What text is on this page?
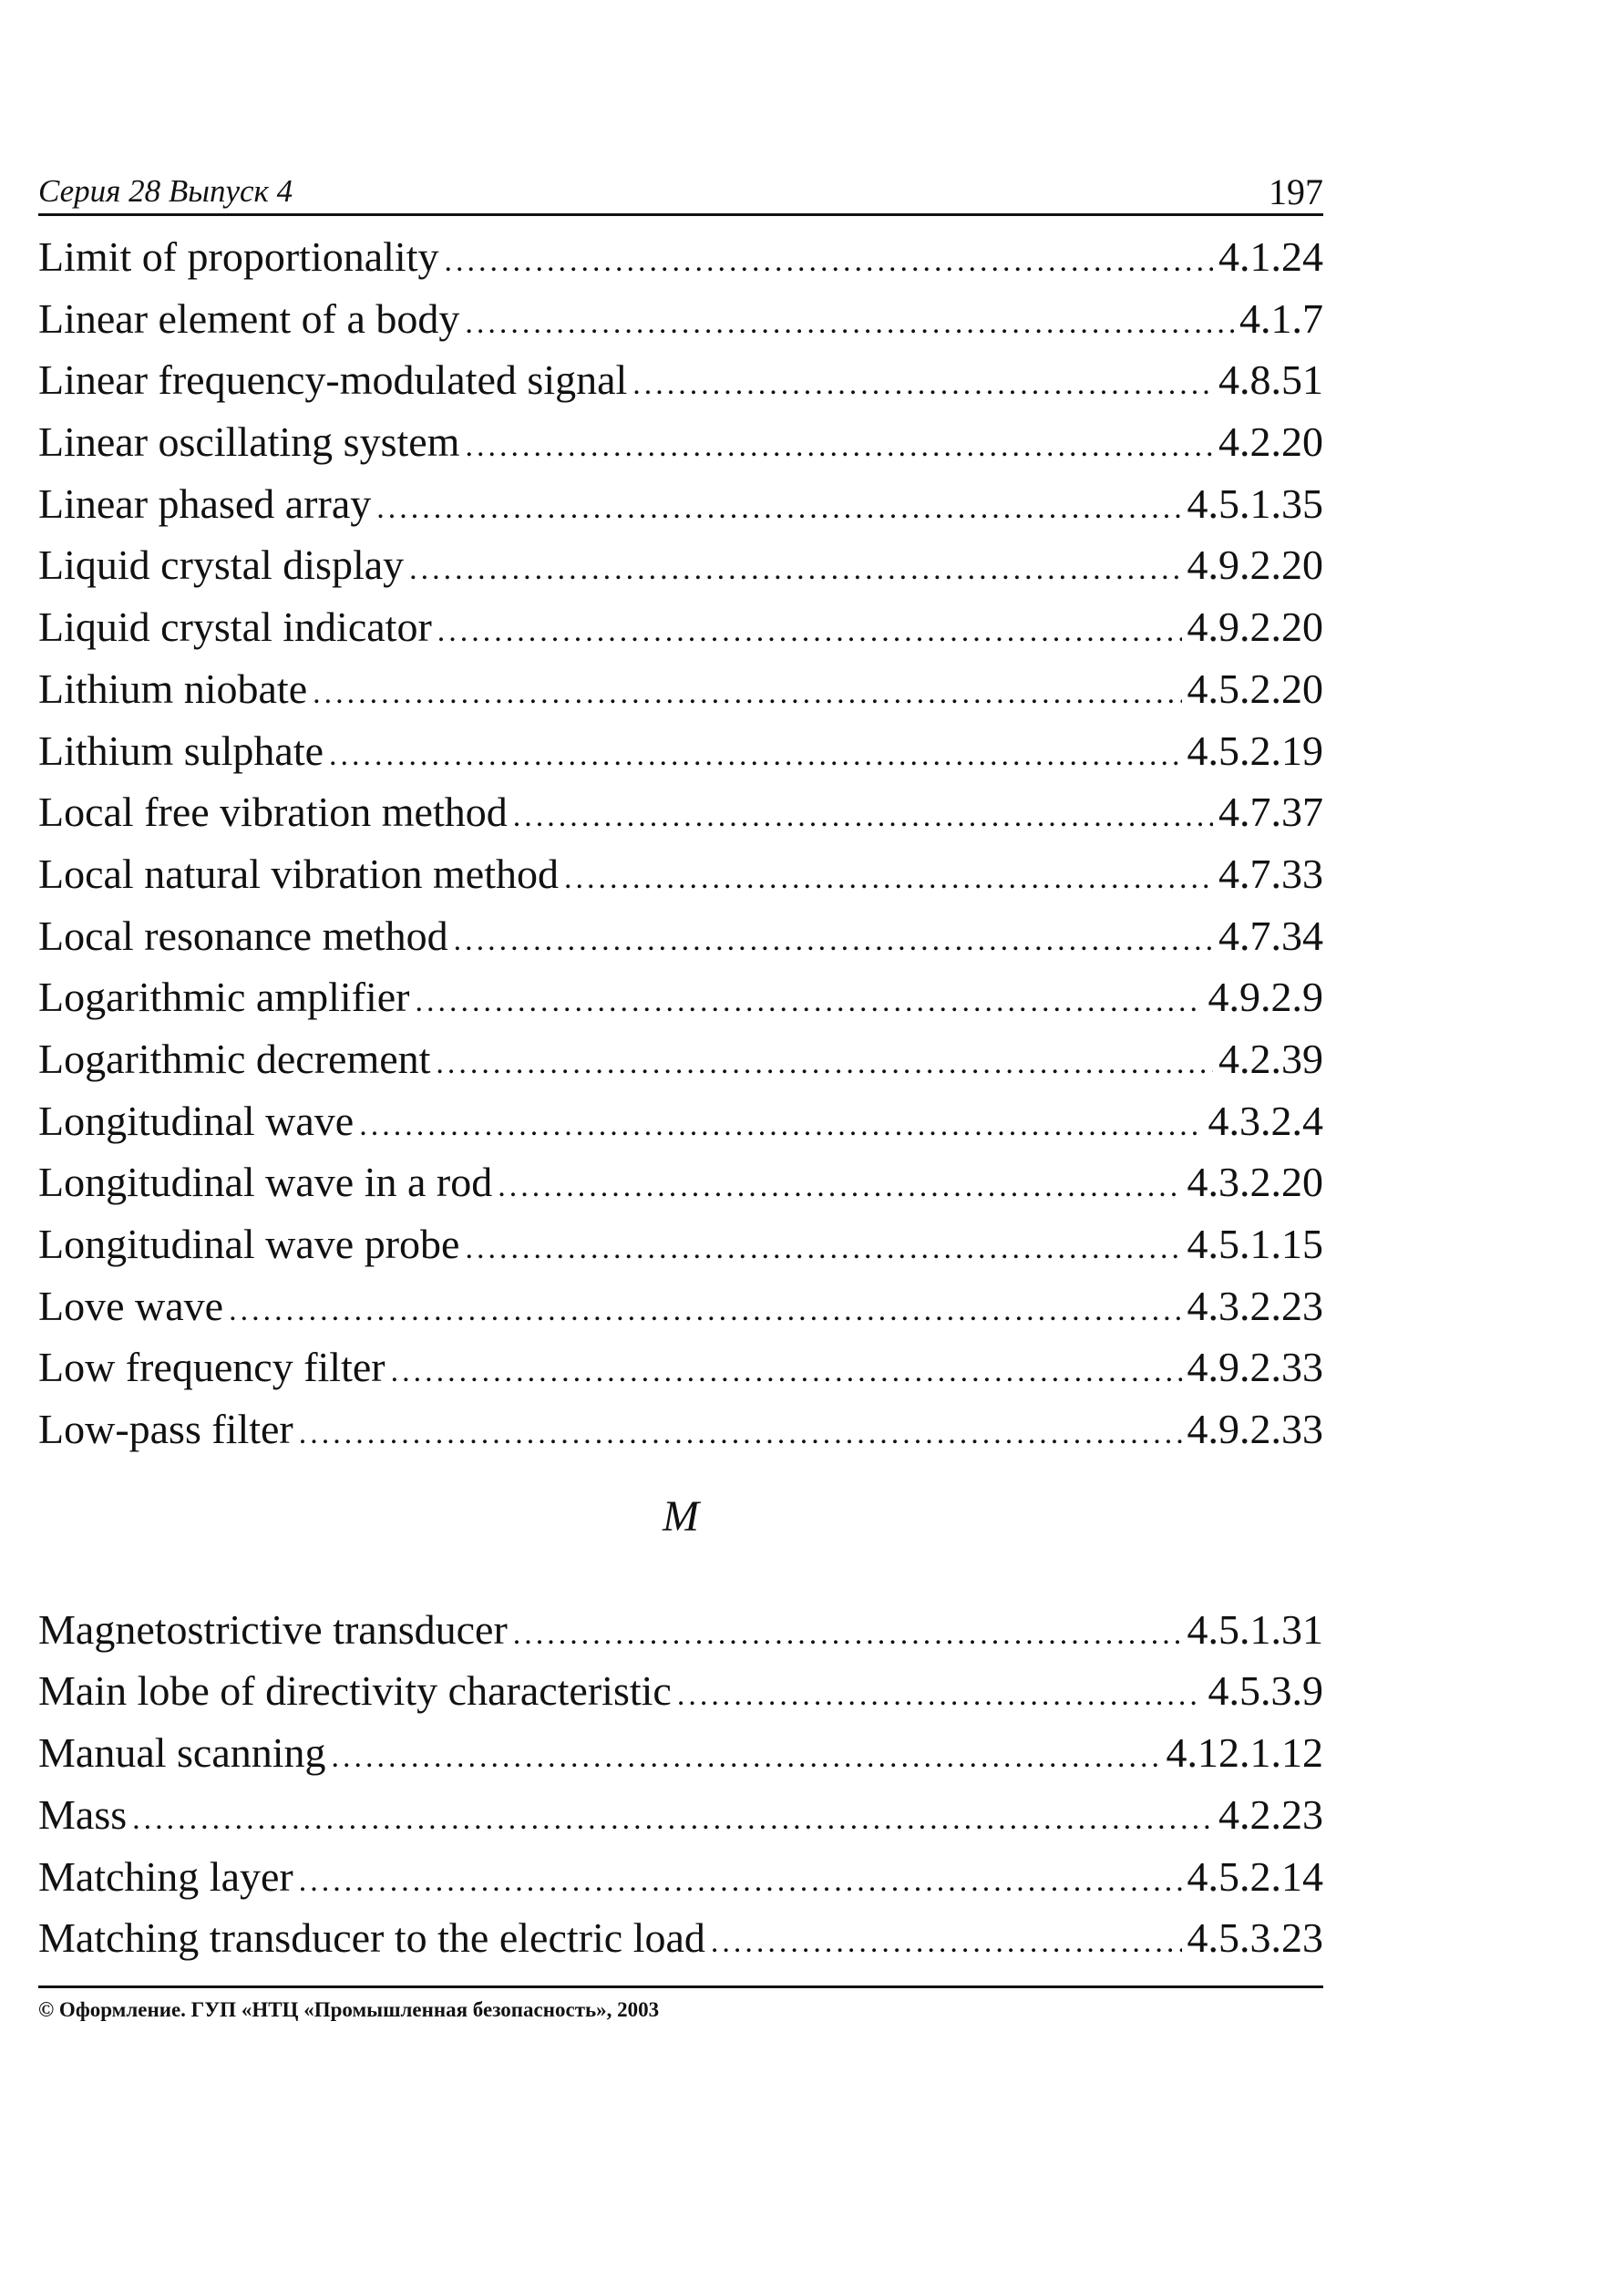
Серия 28 Выпуск 4	197
Limit of proportionality .....	4.1.24
Linear element of a body .....	4.1.7
Linear frequency-modulated signal .....	4.8.51
Linear oscillating system .....	4.2.20
Linear phased array .....	4.5.1.35
Liquid crystal display .....	4.9.2.20
Liquid crystal indicator .....	4.9.2.20
Lithium niobate .....	4.5.2.20
Lithium sulphate .....	4.5.2.19
Local free vibration method .....	4.7.37
Local natural vibration method .....	4.7.33
Local resonance method .....	4.7.34
Logarithmic amplifier .....	4.9.2.9
Logarithmic decrement .....	4.2.39
Longitudinal wave .....	4.3.2.4
Longitudinal wave in a rod .....	4.3.2.20
Longitudinal wave probe .....	4.5.1.15
Love wave .....	4.3.2.23
Low frequency filter .....	4.9.2.33
Low-pass filter .....	4.9.2.33
M
Magnetostrictive transducer .....	4.5.1.31
Main lobe of directivity characteristic .....	4.5.3.9
Manual scanning .....	4.12.1.12
Mass .....	4.2.23
Matching layer .....	4.5.2.14
Matching transducer to the electric load .....	4.5.3.23
© Оформление. ГУП «НТЦ «Промышленная безопасность», 2003
